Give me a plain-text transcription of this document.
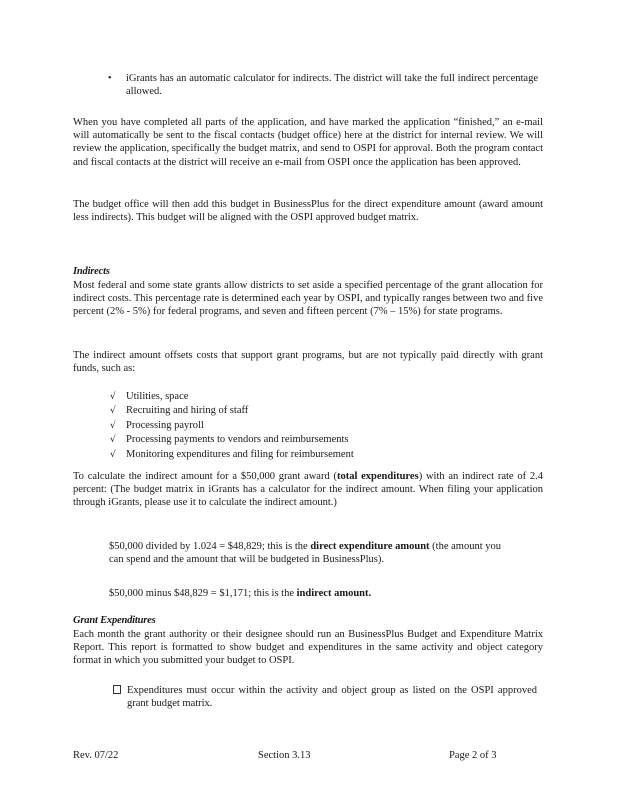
• iGrants has an automatic calculator for indirects. The district will take the full indirect percentage allowed.

When you have completed all parts of the application, and have marked the application “finished,” an e-mail will automatically be sent to the fiscal contacts (budget office) here at the district for internal review. We will review the application, specifically the budget matrix, and send to OSPI for approval. Both the program contact and fiscal contacts at the district will receive an e-mail from OSPI once the application has been approved.

The budget office will then add this budget in BusinessPlus for the direct expenditure amount (award amount less indirects). This budget will be aligned with the OSPI approved budget matrix.

Indirects

Most federal and some state grants allow districts to set aside a specified percentage of the grant allocation for indirect costs. This percentage rate is determined each year by OSPI, and typically ranges between two and five percent (2% - 5%) for federal programs, and seven and fifteen percent (7% – 15%) for state programs.

The indirect amount offsets costs that support grant programs, but are not typically paid directly with grant funds, such as:

√ Utilities, space
√ Recruiting and hiring of staff
√ Processing payroll
√ Processing payments to vendors and reimbursements
√ Monitoring expenditures and filing for reimbursement

To calculate the indirect amount for a $50,000 grant award (total expenditures) with an indirect rate of 2.4 percent: (The budget matrix in iGrants has a calculator for the indirect amount. When filing your application through iGrants, please use it to calculate the indirect amount.)

$50,000 divided by 1.024 = $48,829; this is the direct expenditure amount (the amount you can spend and the amount that will be budgeted in BusinessPlus).

$50,000 minus $48,829 = $1,171; this is the indirect amount.

Grant Expenditures

Each month the grant authority or their designee should run an BusinessPlus Budget and Expenditure Matrix Report. This report is formatted to show budget and expenditures in the same activity and object category format in which you submitted your budget to OSPI.

Expenditures must occur within the activity and object group as listed on the OSPI approved grant budget matrix.
Rev. 07/22	Section 3.13	Page 2 of 3
